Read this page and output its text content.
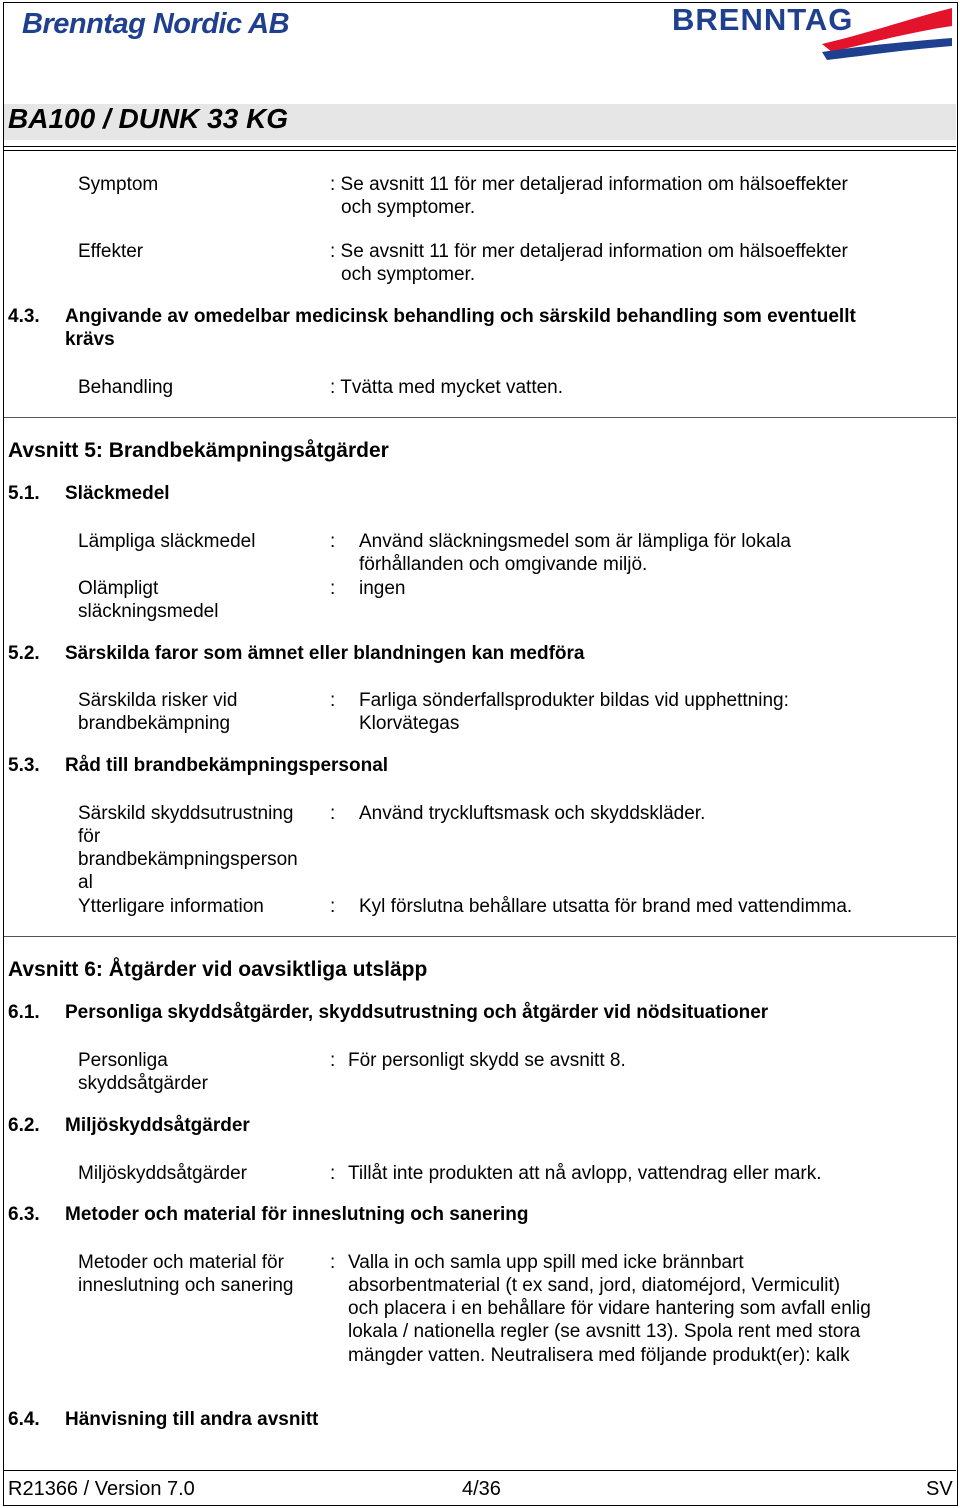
Brenntag Nordic AB	BRENNTAG
BA100 / DUNK 33 KG
Symptom	: Se avsnitt 11 för mer detaljerad information om hälsoeffekter
och symptomer.
Effekter	: Se avsnitt 11 för mer detaljerad information om hälsoeffekter
och symptomer.
4.3. Angivande av omedelbar medicinsk behandling och särskild behandling som eventuellt
krävs
Behandling	: Tvätta med mycket vatten.
Avsnitt 5: Brandbekämpningsåtgärder
5.1. Släckmedel
Lämpliga släckmedel	: Använd släckningsmedel som är lämpliga för lokala
förhållanden och omgivande miljö.
Olämpligt
släckningsmedel
: ingen
5.2. Särskilda faror som ämnet eller blandningen kan medföra
Särskilda risker vid
brandbekämpning
: Farliga sönderfallsprodukter bildas vid upphettning:
Klorvätegas
5.3. Råd till brandbekämpningspersonal
Särskild skyddsutrustning
för
brandbekämpningsperson
al
: Använd tryckluftsmask och skyddskläder.
Ytterligare information	: Kyl förslutna behållare utsatta för brand med vattendimma.
Avsnitt 6: Åtgärder vid oavsiktliga utsläpp
6.1. Personliga skyddsåtgärder, skyddsutrustning och åtgärder vid nödsituationer
Personliga
skyddsåtgärder
: För personligt skydd se avsnitt 8.
6.2. Miljöskyddsåtgärder
Miljöskyddsåtgärder	: Tillåt inte produkten att nå avlopp, vattendrag eller mark.
6.3. Metoder och material för inneslutning och sanering
Metoder och material för
inneslutning och sanering
: Valla in och samla upp spill med icke brännbart
absorbentmaterial (t ex sand, jord, diatoméjord, Vermiculit)
och placera i en behållare för vidare hantering som avfall enlig
lokala / nationella regler (se avsnitt 13). Spola rent med stora
mängder vatten. Neutralisera med följande produkt(er): kalk
6.4. Hänvisning till andra avsnitt
R21366 / Version 7.0	4/36	SV
